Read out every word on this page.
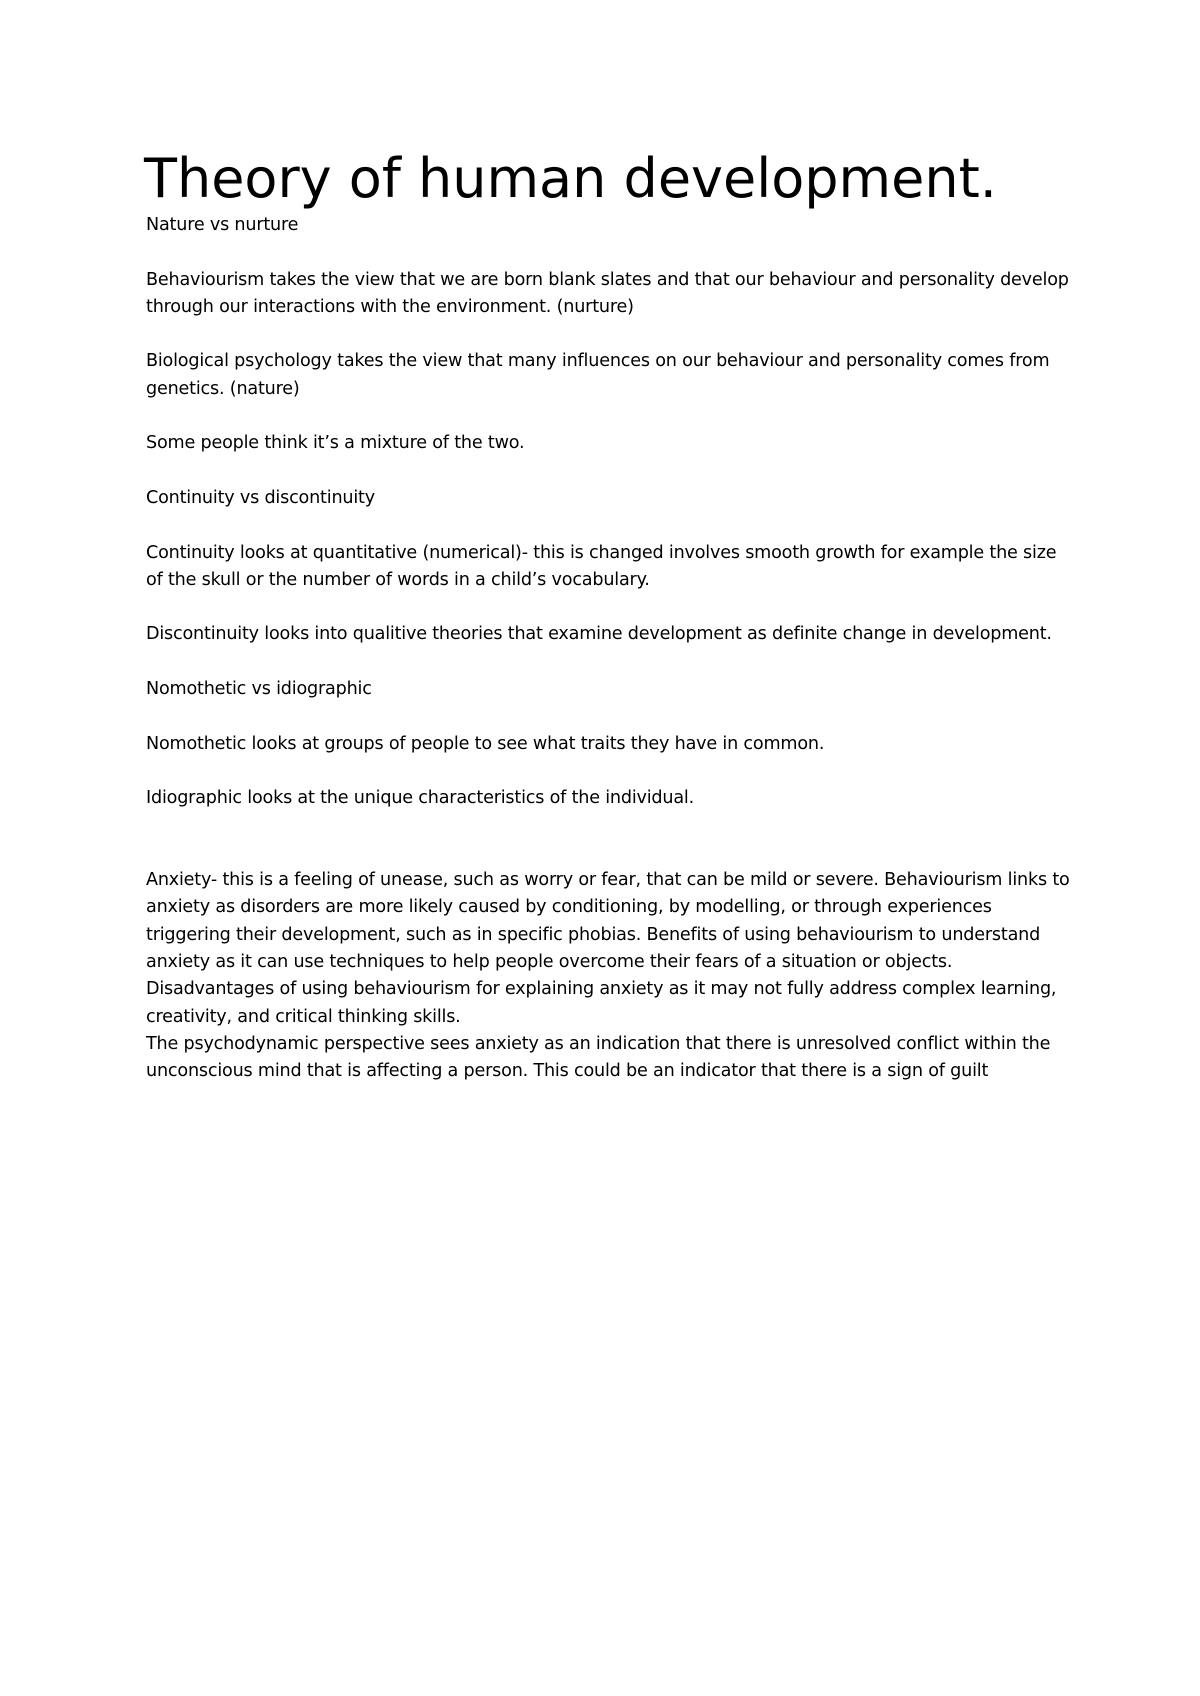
Theory of human development.

Nature vs nurture

Behaviourism takes the view that we are born blank slates and that our behaviour and personality develop through our interactions with the environment. (nurture)

Biological psychology takes the view that many influences on our behaviour and personality comes from genetics. (nature)

Some people think it’s a mixture of the two.

Continuity vs discontinuity

Continuity looks at quantitative (numerical)- this is changed involves smooth growth for example the size of the skull or the number of words in a child’s vocabulary.

Discontinuity looks into qualitive theories that examine development as definite change in development.

Nomothetic vs idiographic

Nomothetic looks at groups of people to see what traits they have in common.

Idiographic looks at the unique characteristics of the individual.

Anxiety- this is a feeling of unease, such as worry or fear, that can be mild or severe. Behaviourism links to anxiety as disorders are more likely caused by conditioning, by modelling, or through experiences triggering their development, such as in specific phobias. Benefits of using behaviourism to understand anxiety as it can use techniques to help people overcome their fears of a situation or objects.

Disadvantages of using behaviourism for explaining anxiety as it may not fully address complex learning, creativity, and critical thinking skills.

The psychodynamic perspective sees anxiety as an indication that there is unresolved conflict within the unconscious mind that is affecting a person. This could be an indicator that there is a sign of guilt
